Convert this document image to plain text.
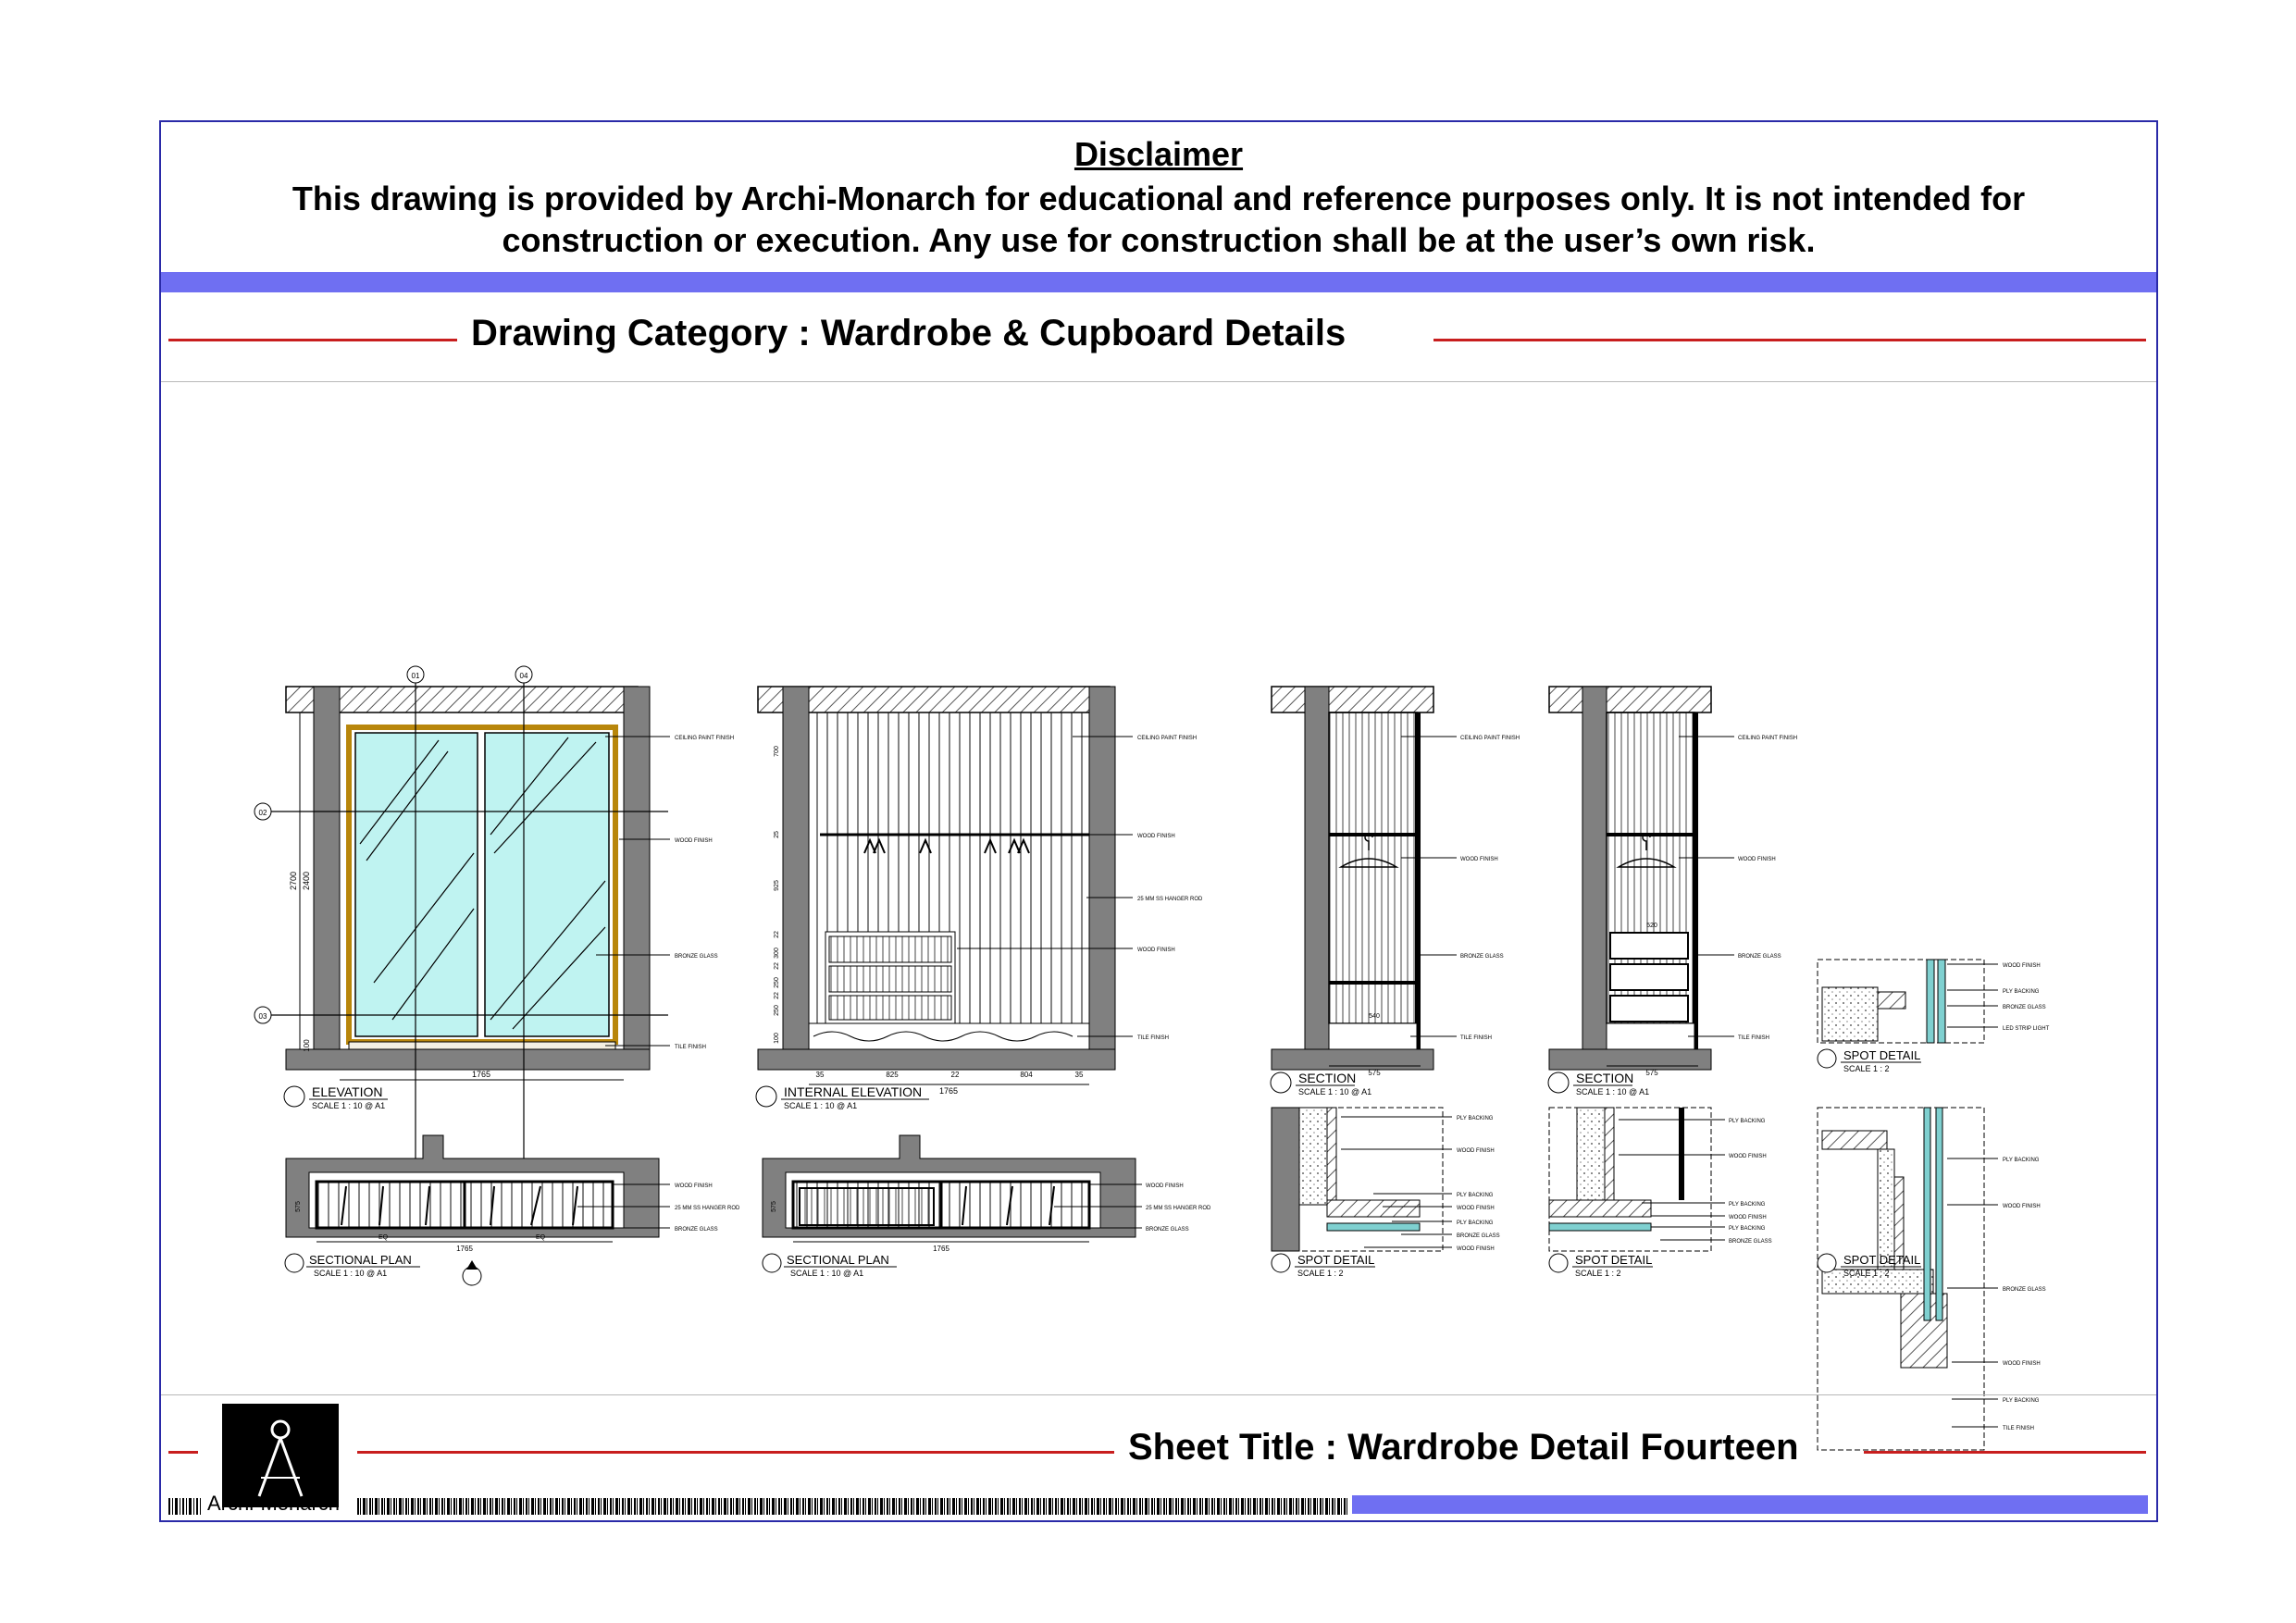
Disclaimer
This drawing is provided by Archi-Monarch for educational and reference purposes only. It is not intended for construction or execution. Any use for construction shall be at the user’s own risk.
Drawing Category : Wardrobe & Cupboard Details
01	04
02
03
1765
2700 2400
100
CEILING PAINT FINISH
WOOD FINISH
BRONZE GLASS
TILE FINISH
ELEVATION
SCALE 1 : 10 @ A1
1765
35	825	22	804	35
700
25
925
22
300
22
250
22
250
100
CEILING PAINT FINISH
WOOD FINISH
25 MM SS HANGER ROD
WOOD FINISH
TILE FINISH
INTERNAL ELEVATION
SCALE 1 : 10 @ A1
575
540
CEILING PAINT FINISH
WOOD FINISH
BRONZE GLASS
TILE FINISH
SECTION
SCALE 1 : 10 @ A1
575
520
CEILING PAINT FINISH
WOOD FINISH
BRONZE GLASS
TILE FINISH
SECTION
SCALE 1 : 10 @ A1
WOOD FINISH
PLY BACKING
BRONZE GLASS
LED STRIP LIGHT
SPOT DETAIL
SCALE 1 : 2
PLY BACKING
WOOD FINISH
BRONZE GLASS
WOOD FINISH
PLY BACKING
TILE FINISH
1765
EQ	EQ
575
WOOD FINISH
25 MM SS HANGER ROD
BRONZE GLASS
SECTIONAL PLAN
SCALE 1 : 10 @ A1
1765
575
WOOD FINISH
25 MM SS HANGER ROD
BRONZE GLASS
SECTIONAL PLAN
SCALE 1 : 10 @ A1
PLY BACKING
WOOD FINISH
PLY BACKING
WOOD FINISH
PLY BACKING
BRONZE GLASS
WOOD FINISH
SPOT DETAIL
SCALE 1 : 2
PLY BACKING
WOOD FINISH
PLY BACKING
WOOD FINISH
PLY BACKING
BRONZE GLASS
SPOT DETAIL
SCALE 1 : 2
SPOT DETAIL
SCALE 1 : 2
Sheet Title : Wardrobe Detail Fourteen
Archi-Monarch
